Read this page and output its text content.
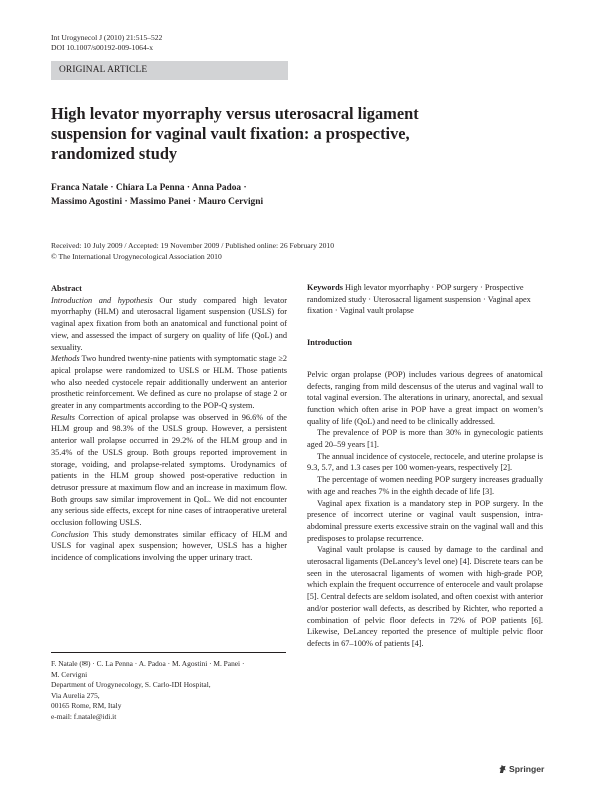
Int Urogynecol J (2010) 21:515–522
DOI 10.1007/s00192-009-1064-x
ORIGINAL ARTICLE
High levator myorraphy versus uterosacral ligament
suspension for vaginal vault fixation: a prospective,
randomized study
Franca Natale · Chiara La Penna · Anna Padoa ·
Massimo Agostini · Massimo Panei · Mauro Cervigni
Received: 10 July 2009 / Accepted: 19 November 2009 / Published online: 26 February 2010
© The International Urogynecological Association 2010
Abstract
Introduction and hypothesis Our study compared high levator myorrhaphy (HLM) and uterosacral ligament suspension (USLS) for vaginal apex fixation from both an anatomical and functional point of view, and assessed the impact of surgery on quality of life (QoL) and sexuality.
Methods Two hundred twenty-nine patients with symptomatic stage ≥2 apical prolapse were randomized to USLS or HLM. Those patients who also needed cystocele repair additionally underwent an anterior prosthetic reinforcement. We defined as cure no prolapse of stage 2 or greater in any compartments according to the POP-Q system.
Results Correction of apical prolapse was observed in 96.6% of the HLM group and 98.3% of the USLS group. However, a persistent anterior wall prolapse occurred in 29.2% of the HLM group and in 35.4% of the USLS group. Both groups reported improvement in storage, voiding, and prolapse-related symptoms. Urodynamics of patients in the HLM group showed post-operative reduction in detrusor pressure at maximum flow and an increase in maximum flow. Both groups saw similar improvement in QoL. We did not encounter any serious side effects, except for nine cases of intraoperative ureteral occlusion following USLS.
Conclusion This study demonstrates similar efficacy of HLM and USLS for vaginal apex suspension; however, USLS has a higher incidence of complications involving the upper urinary tract.
F. Natale (✉) · C. La Penna · A. Padoa · M. Agostini · M. Panei ·
M. Cervigni
Department of Urogynecology, S. Carlo-IDI Hospital,
Via Aurelia 275,
00165 Rome, RM, Italy
e-mail: f.natale@idi.it
Keywords High levator myorrhaphy · POP surgery · Prospective randomized study · Uterosacral ligament suspension · Vaginal apex fixation · Vaginal vault prolapse
Introduction
Pelvic organ prolapse (POP) includes various degrees of anatomical defects, ranging from mild descensus of the uterus and vaginal wall to total vaginal eversion. The alterations in urinary, anorectal, and sexual function which often arise in POP have a great impact on women’s quality of life (QoL) and need to be clinically addressed.
The prevalence of POP is more than 30% in gynecologic patients aged 20–59 years [1].
The annual incidence of cystocele, rectocele, and uterine prolapse is 9.3, 5.7, and 1.3 cases per 100 women-years, respectively [2].
The percentage of women needing POP surgery increases gradually with age and reaches 7% in the eighth decade of life [3].
Vaginal apex fixation is a mandatory step in POP surgery. In the presence of incorrect uterine or vaginal vault suspension, intra-abdominal pressure exerts excessive strain on the vaginal wall and this predisposes to prolapse recurrence.
Vaginal vault prolapse is caused by damage to the cardinal and uterosacral ligaments (DeLancey’s level one) [4]. Discrete tears can be seen in the uterosacral ligaments of women with high-grade POP, which explain the frequent occurrence of enterocele and vault prolapse [5]. Central defects are seldom isolated, and often coexist with anterior and/or posterior wall defects, as described by Richter, who reported a combination of pelvic floor defects in 72% of POP patients [6]. Likewise, DeLancey reported the presence of multiple pelvic floor defects in 67–100% of patients [4].
Springer
